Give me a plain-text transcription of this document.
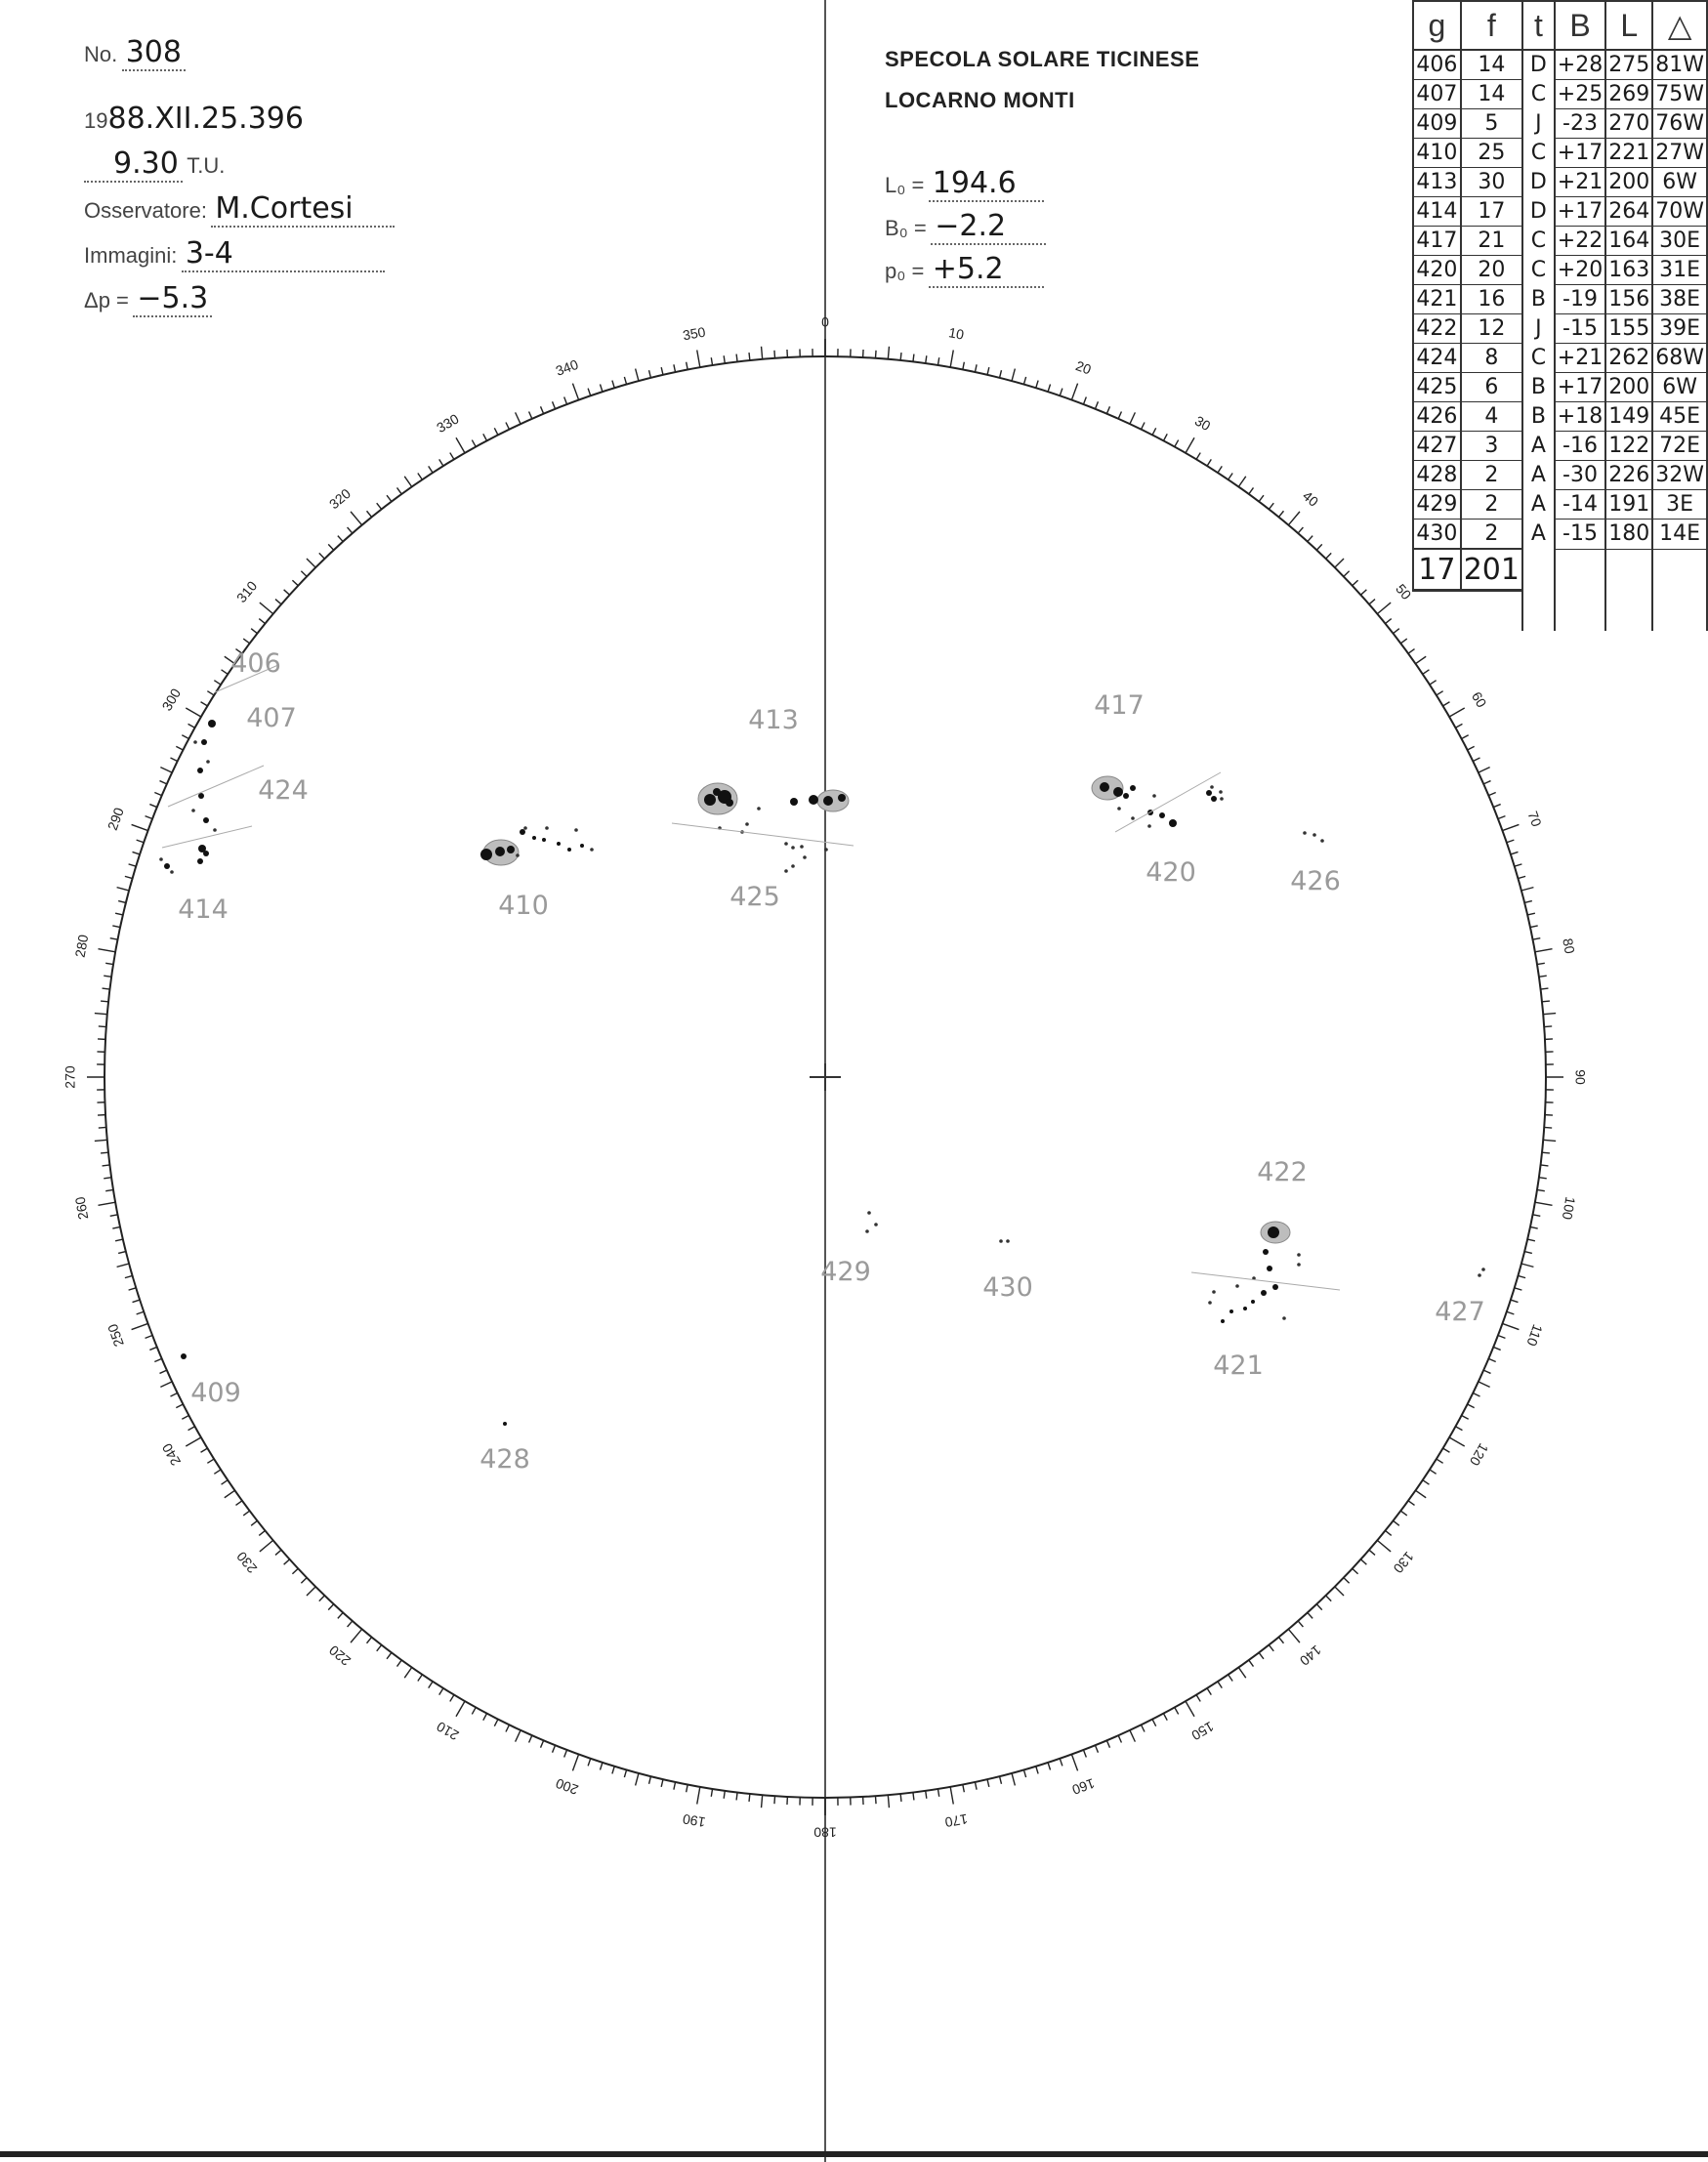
No. 308
1988.XII.25.396
9.30 T.U.
Osservatore: M.Cortesi
Immagini: 3-4
Δp = −5.3
SPECOLA SOLARE TICINESE
LOCARNO MONTI
L₀ = 194.6
B₀ = −2.2
p₀ = +5.2
g	f	t	B	L	△
406	14	D	+28	275	81W
407	14	C	+25	269	75W
409	5	J	-23	270	76W
410	25	C	+17	221	27W
413	30	D	+21	200	6W
414	17	D	+17	264	70W
417	21	C	+22	164	30E
420	20	C	+20	163	31E
421	16	B	-19	156	38E
422	12	J	-15	155	39E
424	8	C	+21	262	68W
425	6	B	+17	200	6W
426	4	B	+18	149	45E
427	3	A	-16	122	72E
428	2	A	-30	226	32W
429	2	A	-14	191	3E
430	2	A	-15	180	14E
17	201				

0
10
20
30
40
50
60
70
80
90
100
110
120
130
140
150
160
170
180
190
200
210
220
230
240
250
260
270
280
290
300
310
320
330
340
350
406
407
424
414	410
413
425
417
420	426
422
429
430
427
421
409
428
